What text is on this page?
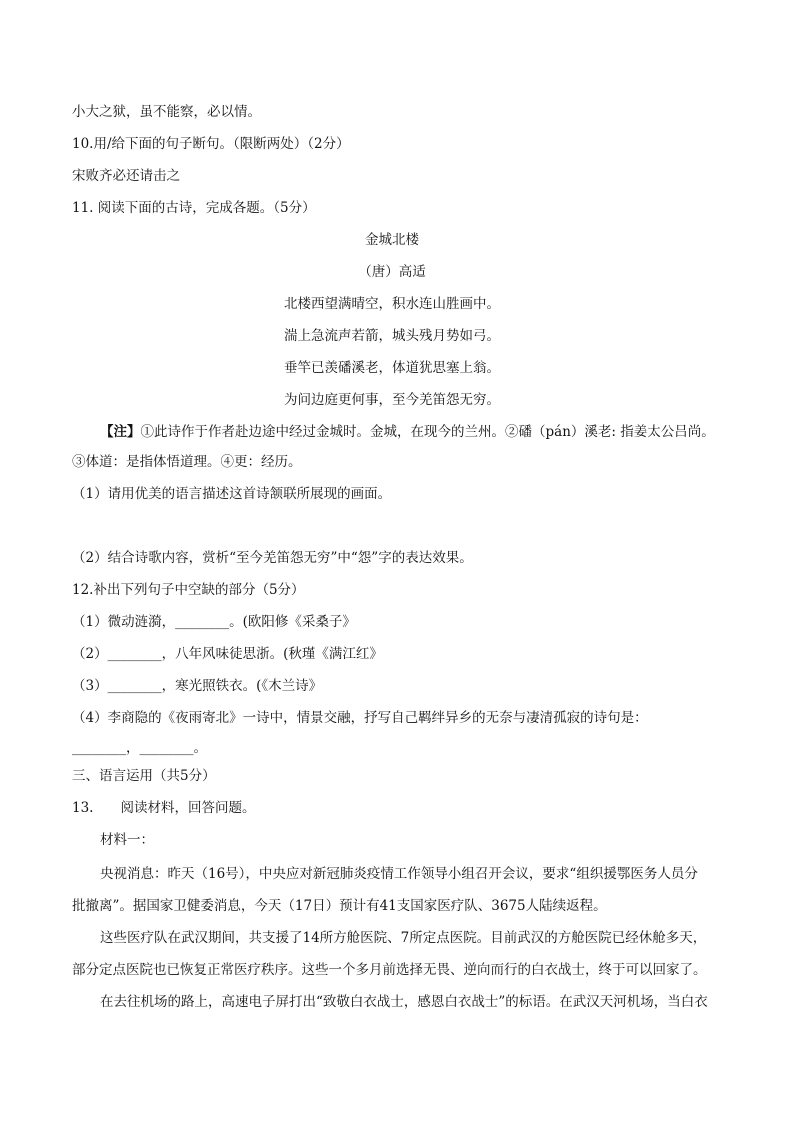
小大之狱，虽不能察，必以情。
10.用/给下面的句子断句。（限断两处）（2分）
宋败齐必还请击之
11. 阅读下面的古诗，完成各题。（5分）
金城北楼
（唐）高适
北楼西望满晴空，积水连山胜画中。
湍上急流声若箭，城头残月势如弓。
垂竿已羡磻溪老，体道犹思塞上翁。
为问边庭更何事，至今羌笛怨无穷。
【注】①此诗作于作者赴边途中经过金城时。金城，在现今的兰州。②磻（pán）溪老: 指姜太公吕尚。
③体道：是指体悟道理。④更：经历。
（1）请用优美的语言描述这首诗颔联所展现的画面。
（2）结合诗歌内容，赏析“至今羌笛怨无穷”中“怨”字的表达效果。
12.补出下列句子中空缺的部分（5分）
（1）微动涟漪，________。(欧阳修《采桑子》
（2）________，八年风味徒思浙。(秋瑾《满江红》
（3）________，寒光照铁衣。(《木兰诗》
（4）李商隐的《夜雨寄北》一诗中，情景交融，抒写自己羁绊异乡的无奈与凄清孤寂的诗句是：
________，________。
三、语言运用（共5分）
13.　　阅读材料，回答问题。
材料一：
央视消息：昨天（16号），中央应对新冠肺炎疫情工作领导小组召开会议，要求“组织援鄂医务人员分
批撤离”。据国家卫健委消息，今天（17日）预计有41支国家医疗队、3675人陆续返程。
这些医疗队在武汉期间，共支援了14所方舱医院、7所定点医院。目前武汉的方舱医院已经休舱多天，
部分定点医院也已恢复正常医疗秩序。这些一个多月前选择无畏、逆向而行的白衣战士，终于可以回家了。
在去往机场的路上，高速电子屏打出“致敬白衣战士，感恩白衣战士”的标语。在武汉天河机场，当白衣
